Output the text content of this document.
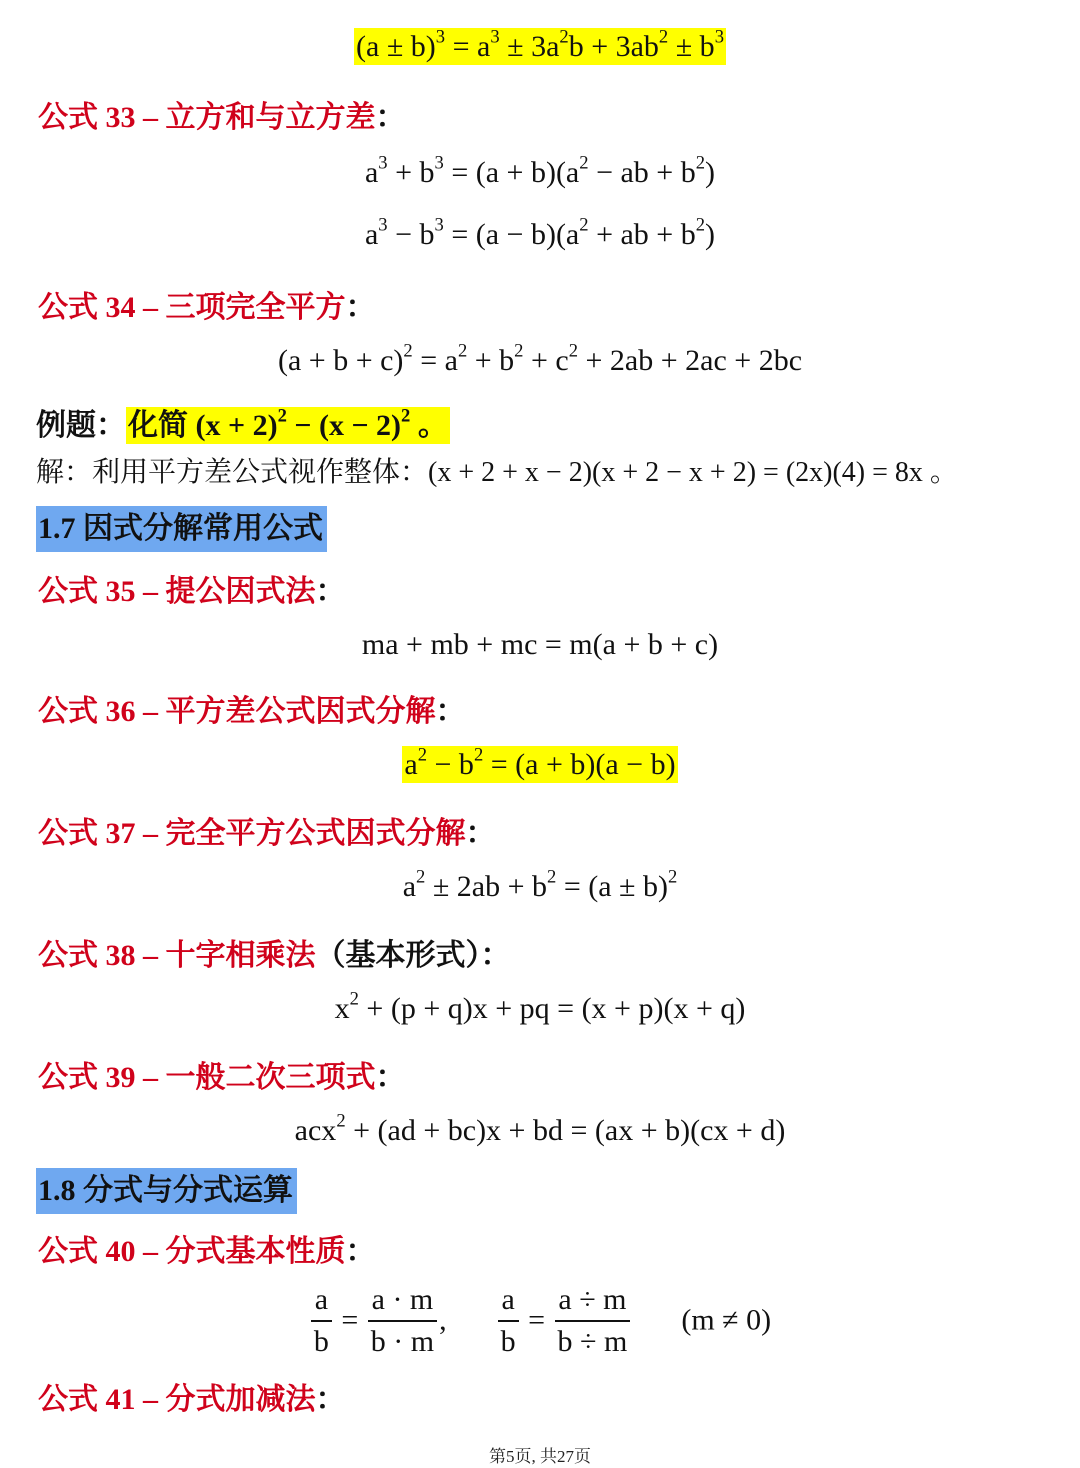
$(a \pm b)^3 = a^3 \pm 3a^2b + 3ab^2 \pm b^3$
公式 33 – 立方和与立方差：
$a^3 + b^3 = (a + b)(a^2$ − ab + $b^2$)
$a^3 - b^3 = (a - b)(a^2$ + ab + $b^2$)
公式 34 – 三项完全平方：
$(a + b + c)^2 = a^2 + b^2 + c^2 + 2ab + 2ac + 2bc$
例题：化简 $(x + 2)^2 - (x - 2)^2$ 。
解：利用平方差公式视作整体：(x + 2 + x − 2)(x + 2 − x + 2) = (2x)(4) = 8x 。
1.7 因式分解常用公式
公式 35 – 提公因式法：
ma + mb + mc = m(a + b + c)
公式 36 – 平方差公式因式分解：
$a^2 - b^2 = (a + b)(a - b)$
公式 37 – 完全平方公式因式分解：
$a^2 \pm 2ab + b^2 = (a \pm b)^2$
公式 38 – 十字相乘法（基本形式）：
$x^2 + (p + q)x$ + pq = (x + p)(x + q)
公式 39 – 一般二次三项式：
acx$^2$ + (ad + bc)x + bd = (ax + b)(cx + d)
1.8 分式与分式运算
公式 40 – 分式基本性质：
$\frac{a}{b} = \frac{a \cdot m}{b \cdot m}$ , $\frac{a}{b} = \frac{a \div m}{b \div m} (m \ne 0)$
公式 41 – 分式加减法：
第5页, 共27页
